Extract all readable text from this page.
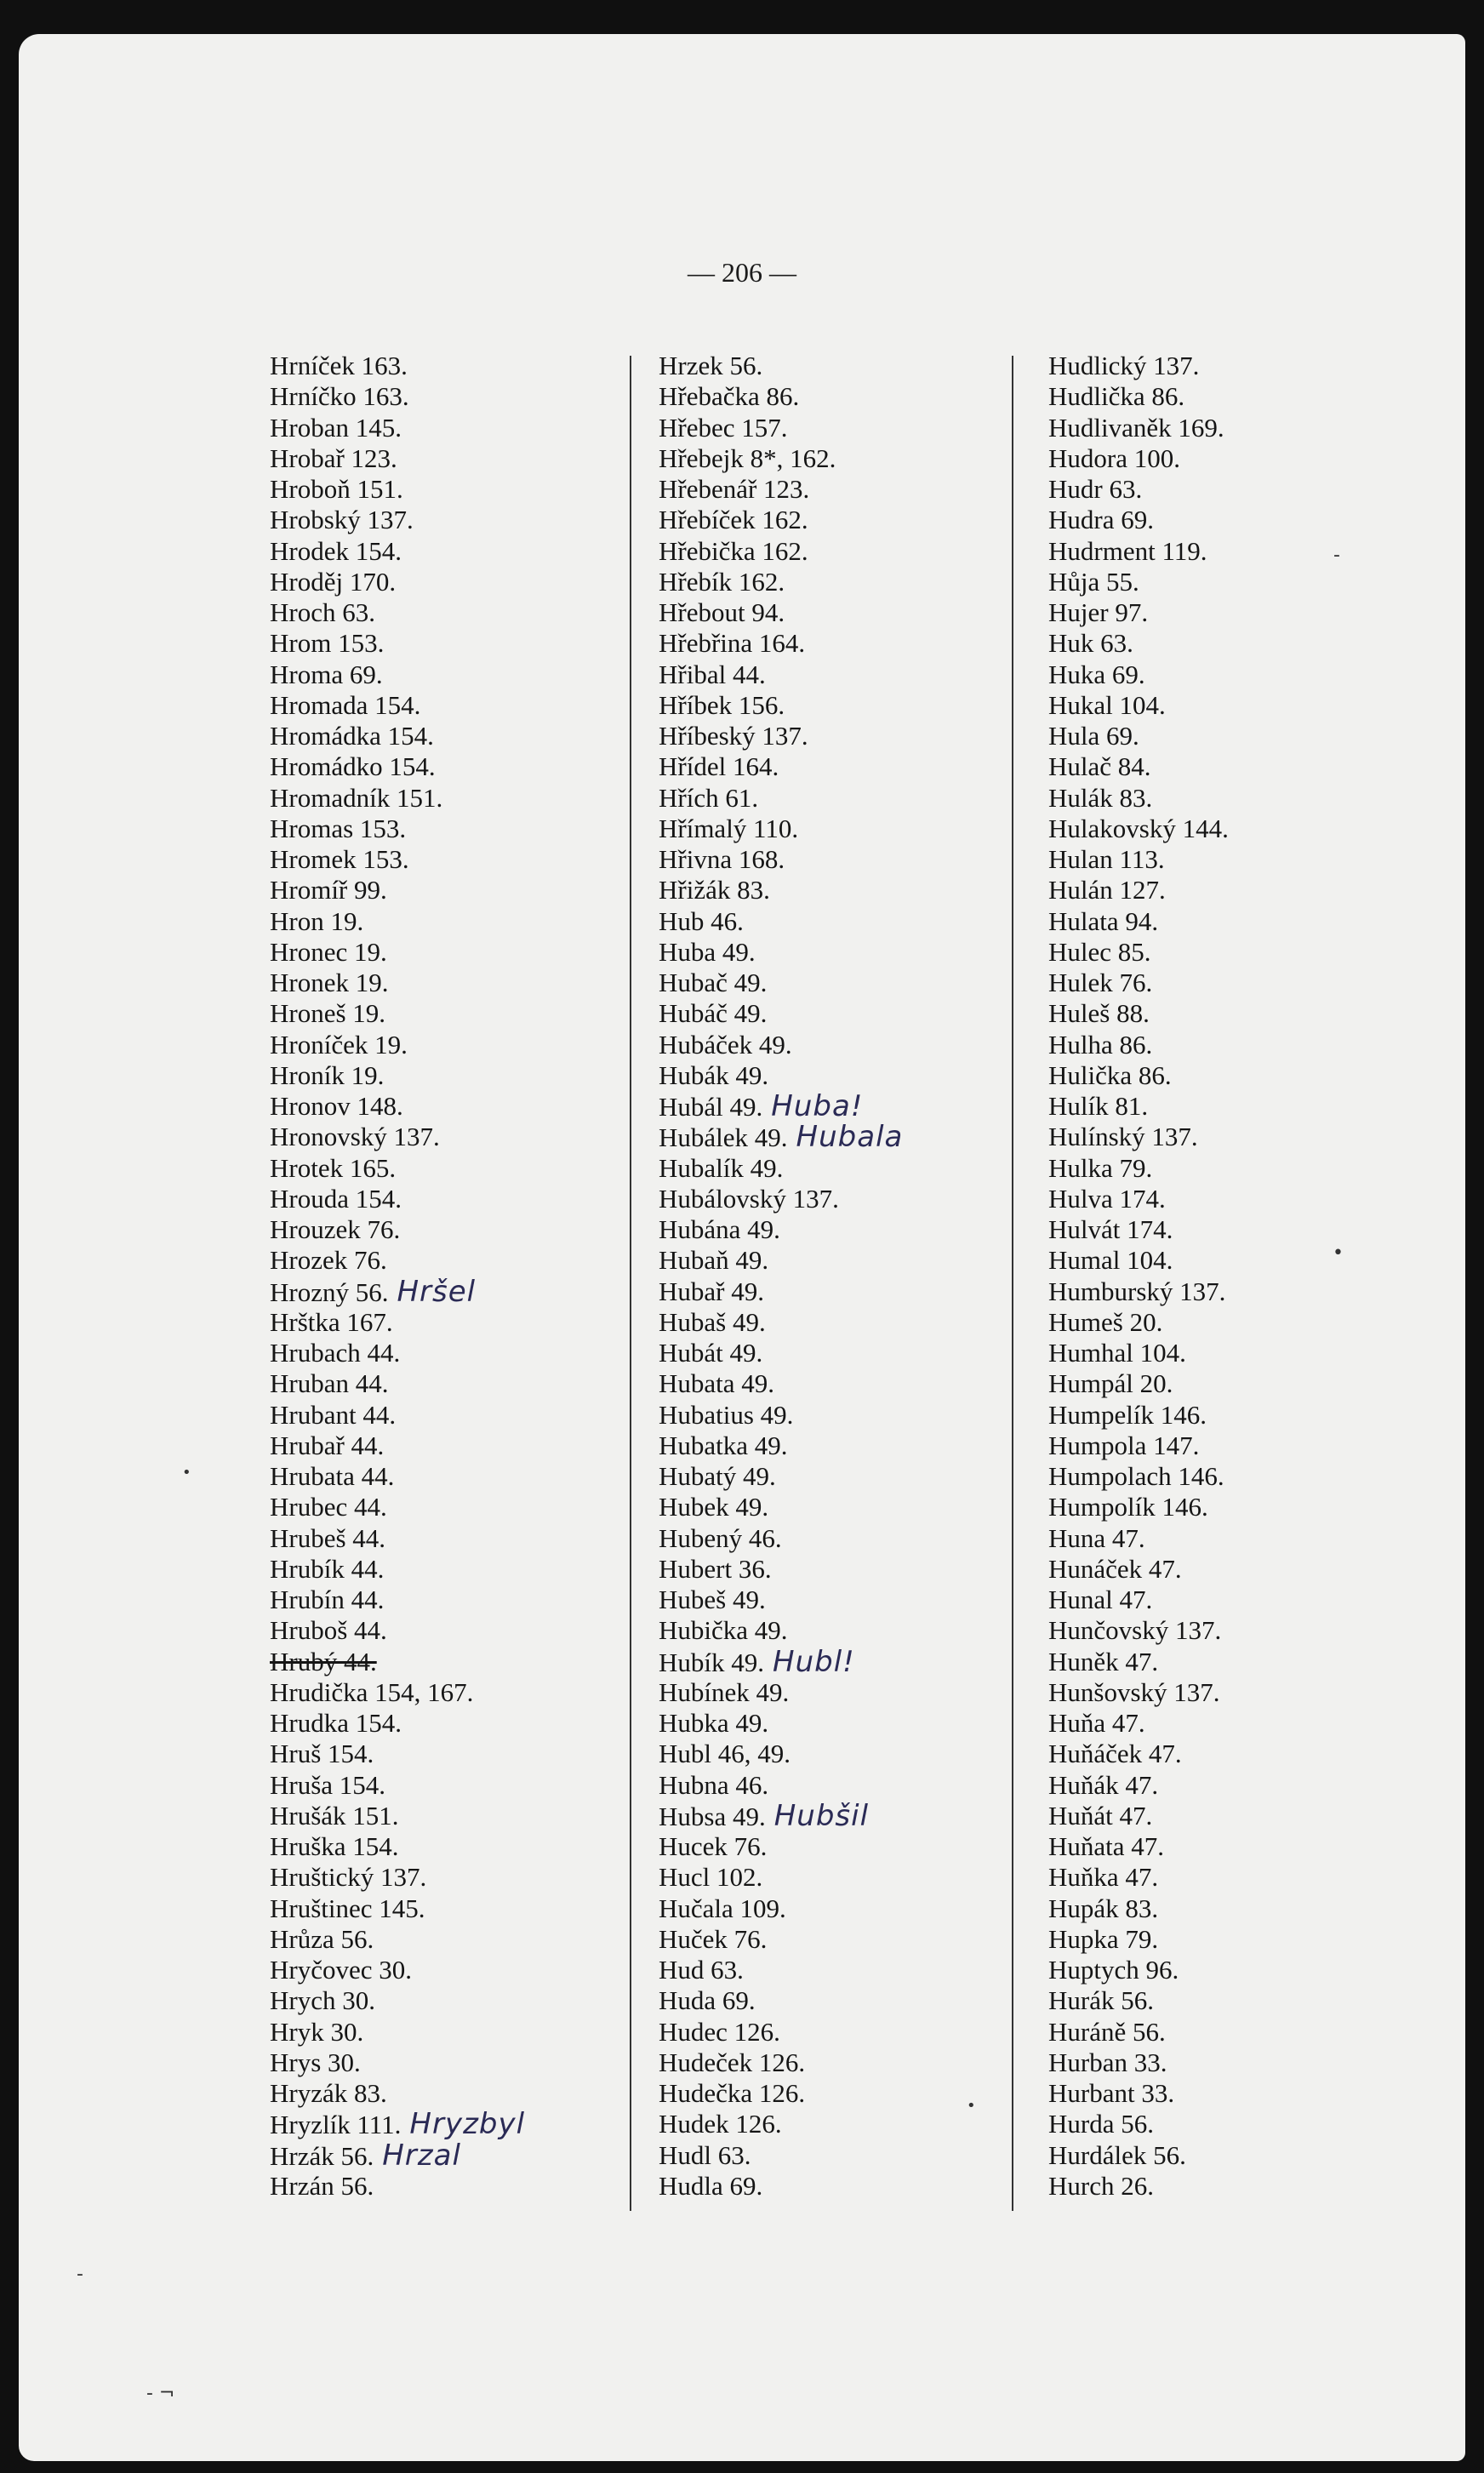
— 206 —
Hrníček 163.
Hrníčko 163.
Hroban 145.
Hrobař 123.
Hroboň 151.
Hrobský 137.
Hrodek 154.
Hroděj 170.
Hroch 63.
Hrom 153.
Hroma 69.
Hromada 154.
Hromádka 154.
Hromádko 154.
Hromadník 151.
Hromas 153.
Hromek 153.
Hromíř 99.
Hron 19.
Hronec 19.
Hronek 19.
Hroneš 19.
Hroníček 19.
Hroník 19.
Hronov 148.
Hronovský 137.
Hrotek 165.
Hrouda 154.
Hrouzek 76.
Hrozek 76.
Hrozný 56. Hršel
Hrštka 167.
Hrubach 44.
Hruban 44.
Hrubant 44.
Hrubař 44.
Hrubata 44.
Hrubec 44.
Hrubeš 44.
Hrubík 44.
Hrubín 44.
Hruboš 44.
Hrubý 44.
Hrudička 154, 167.
Hrudka 154.
Hruš 154.
Hruša 154.
Hrušák 151.
Hruška 154.
Hruštický 137.
Hruštinec 145.
Hrůza 56.
Hryčovec 30.
Hrych 30.
Hryk 30.
Hrys 30.
Hryzák 83.
Hryzlík 111. Hryzbyl
Hrzák 56. Hrzal
Hrzán 56.
Hrzek 56.
Hřebačka 86.
Hřebec 157.
Hřebejk 8*, 162.
Hřebenář 123.
Hřebíček 162.
Hřebička 162.
Hřebík 162.
Hřebout 94.
Hřebřina 164.
Hřibal 44.
Hříbek 156.
Hříbeský 137.
Hřídel 164.
Hřích 61.
Hřímalý 110.
Hřivna 168.
Hřižák 83.
Hub 46.
Huba 49.
Hubač 49.
Hubáč 49.
Hubáček 49.
Hubák 49.
Hubál 49. Huba!
Hubálek 49. Hubala
Hubalík 49.
Hubálovský 137.
Hubána 49.
Hubaň 49.
Hubař 49.
Hubaš 49.
Hubát 49.
Hubata 49.
Hubatius 49.
Hubatka 49.
Hubatý 49.
Hubek 49.
Hubený 46.
Hubert 36.
Hubeš 49.
Hubička 49.
Hubík 49. Hubl!
Hubínek 49.
Hubka 49.
Hubl 46, 49.
Hubna 46.
Hubsa 49. Hubšil
Hucek 76.
Hucl 102.
Hučala 109.
Huček 76.
Hud 63.
Huda 69.
Hudec 126.
Hudeček 126.
Hudečka 126.
Hudek 126.
Hudl 63.
Hudla 69.
Hudlický 137.
Hudlička 86.
Hudlivaněk 169.
Hudora 100.
Hudr 63.
Hudra 69.
Hudrment 119.
Hůja 55.
Hujer 97.
Huk 63.
Huka 69.
Hukal 104.
Hula 69.
Hulač 84.
Hulák 83.
Hulakovský 144.
Hulan 113.
Hulán 127.
Hulata 94.
Hulec 85.
Hulek 76.
Huleš 88.
Hulha 86.
Hulička 86.
Hulík 81.
Hulínský 137.
Hulka 79.
Hulva 174.
Hulvát 174.
Humal 104.
Humburský 137.
Humeš 20.
Humhal 104.
Humpál 20.
Humpelík 146.
Humpola 147.
Humpolach 146.
Humpolík 146.
Huna 47.
Hunáček 47.
Hunal 47.
Hunčovský 137.
Huněk 47.
Hunšovský 137.
Huňa 47.
Huňáček 47.
Huňák 47.
Huňát 47.
Huňata 47.
Huňka 47.
Hupák 83.
Hupka 79.
Huptych 96.
Hurák 56.
Huráně 56.
Hurban 33.
Hurbant 33.
Hurda 56.
Hurdálek 56.
Hurch 26.
-
•
•
•
-
- ¬
